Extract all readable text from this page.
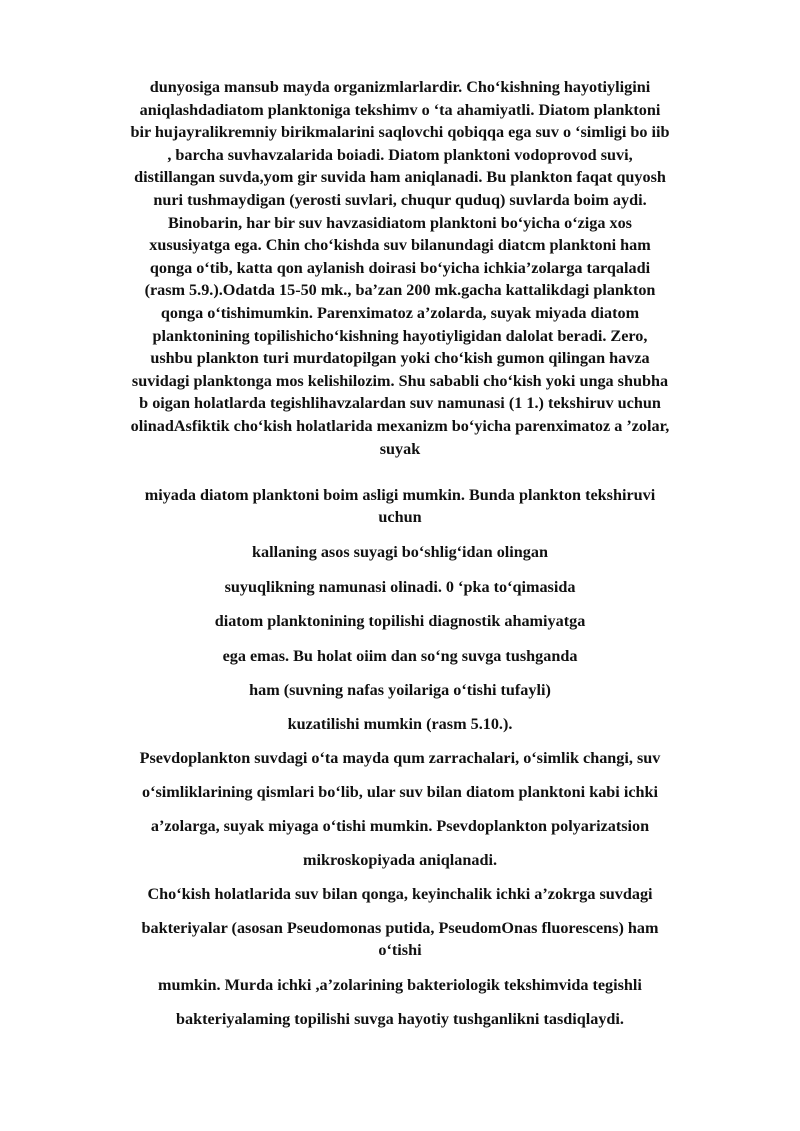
dunyosiga mansub mayda organizmlarlardir. Cho‘kishning hayotiyligini
aniqlashdadiatom planktoniga tekshimv o ‘ta ahamiyatli. Diatom planktoni
bir hujayralikremniy birikmalarini saqlovchi qobiqqa ega suv o ‘simligi bo iib
, barcha suvhavzalarida boiadi. Diatom planktoni vodoprovod suvi,
distillangan suvda,yom gir suvida ham aniqlanadi. Bu plankton faqat quyosh
nuri tushmaydigan (yerosti suvlari, chuqur quduq) suvlarda boim aydi.
Binobarin, har bir suv havzasidiatom planktoni bo‘yicha o‘ziga xos
xususiyatga ega. Chin cho‘kishda suv bilanundagi diatcm planktoni ham
qonga o‘tib, katta qon aylanish doirasi bo‘yicha ichkia’zolarga tarqaladi
(rasm 5.9.).Odatda 15-50 mk., ba’zan 200 mk.gacha kattalikdagi plankton
qonga o‘tishimumkin. Parenximatoz a’zolarda, suyak miyada diatom
planktonining topilishicho‘kishning hayotiyligidan dalolat beradi. Zero,
ushbu plankton turi murdatopilgan yoki cho‘kish gumon qilingan havza
suvidagi planktonga mos kelishilozim. Shu sababli cho‘kish yoki unga shubha
b oigan holatlarda tegishlihavzalardan suv namunasi (1 1.) tekshiruv uchun
olinadAsfiktik cho‘kish holatlarida mexanizm bo‘yicha parenximatoz a ’zolar,
suyak
miyada diatom planktoni boim asligi mumkin. Bunda plankton tekshiruvi
uchun
kallaning asos suyagi bo‘shlig‘idan olingan
suyuqlikning namunasi olinadi. 0 ‘pka to‘qimasida
diatom planktonining topilishi diagnostik ahamiyatga
ega emas. Bu holat oiim dan so‘ng suvga tushganda
ham (suvning nafas yoilariga o‘tishi tufayli)
kuzatilishi mumkin (rasm 5.10.).
Psevdoplankton suvdagi o‘ta mayda qum zarrachalari, o‘simlik changi, suv
o‘simliklarining qismlari bo‘lib, ular suv bilan diatom planktoni kabi ichki
a’zolarga, suyak miyaga o‘tishi mumkin. Psevdoplankton polyarizatsion
mikroskopiyada aniqlanadi.
Cho‘kish holatlarida suv bilan qonga, keyinchalik ichki a’zokrga suvdagi
bakteriyalar (asosan Pseudomonas putida, PseudomOnas fluorescens) ham
o‘tishi
mumkin. Murda ichki ,a’zolarining bakteriologik tekshimvida tegishli
bakteriyalaming topilishi suvga hayotiy tushganlikni tasdiqlaydi.
